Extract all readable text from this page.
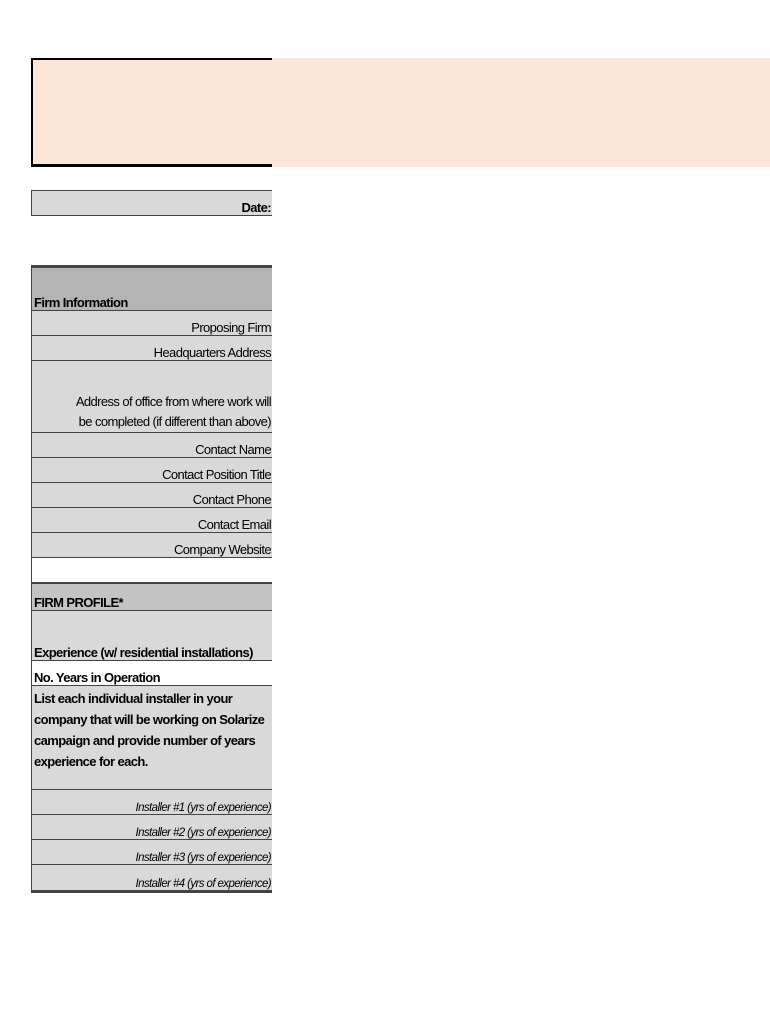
Date:
Firm Information
Proposing Firm
Headquarters Address
Address of office from where work will be completed (if different than above)
Contact Name
Contact Position Title
Contact Phone
Contact Email
Company Website
FIRM PROFILE*
Experience (w/ residential installations)
No. Years in Operation
List each individual installer in your company that will be working on Solarize campaign and provide number of years experience for each.
Installer #1 (yrs of experience)
Installer #2 (yrs of experience)
Installer #3 (yrs of experience)
Installer #4 (yrs of experience)
